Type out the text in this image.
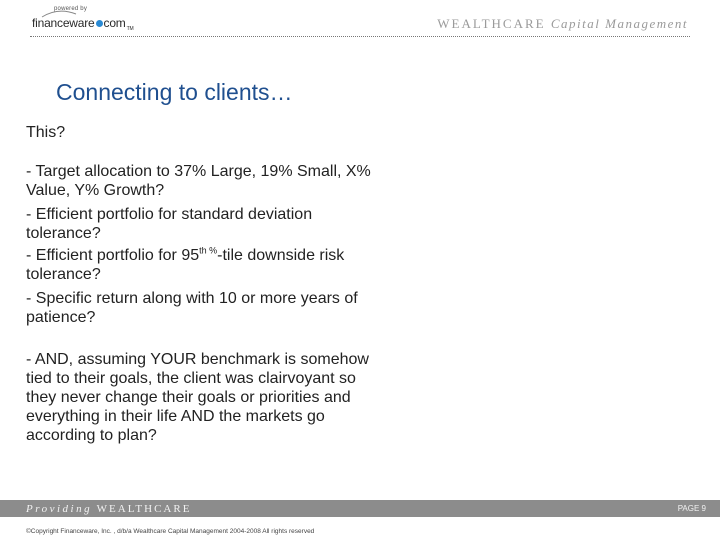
powered by
financeware com$_{TM}$	WEALTHCARE Capital Management
Connecting to clients…
This?
- Target allocation to 37% Large, 19% Small, X% Value, Y% Growth?
- Efficient portfolio for standard deviation tolerance?
- Efficient portfolio for $95^{th \%}$-tile downside risk tolerance?
- Specific return along with 10 or more years of patience?
- AND, assuming YOUR benchmark is somehow tied to their goals, the client was clairvoyant so they never change their goals or priorities and everything in their life AND the markets go according to plan?
Providing WEALTHCARE	PAGE 9
©Copyright Financeware, Inc. , d/b/a Wealthcare Capital Management 2004-2008 All rights reserved
